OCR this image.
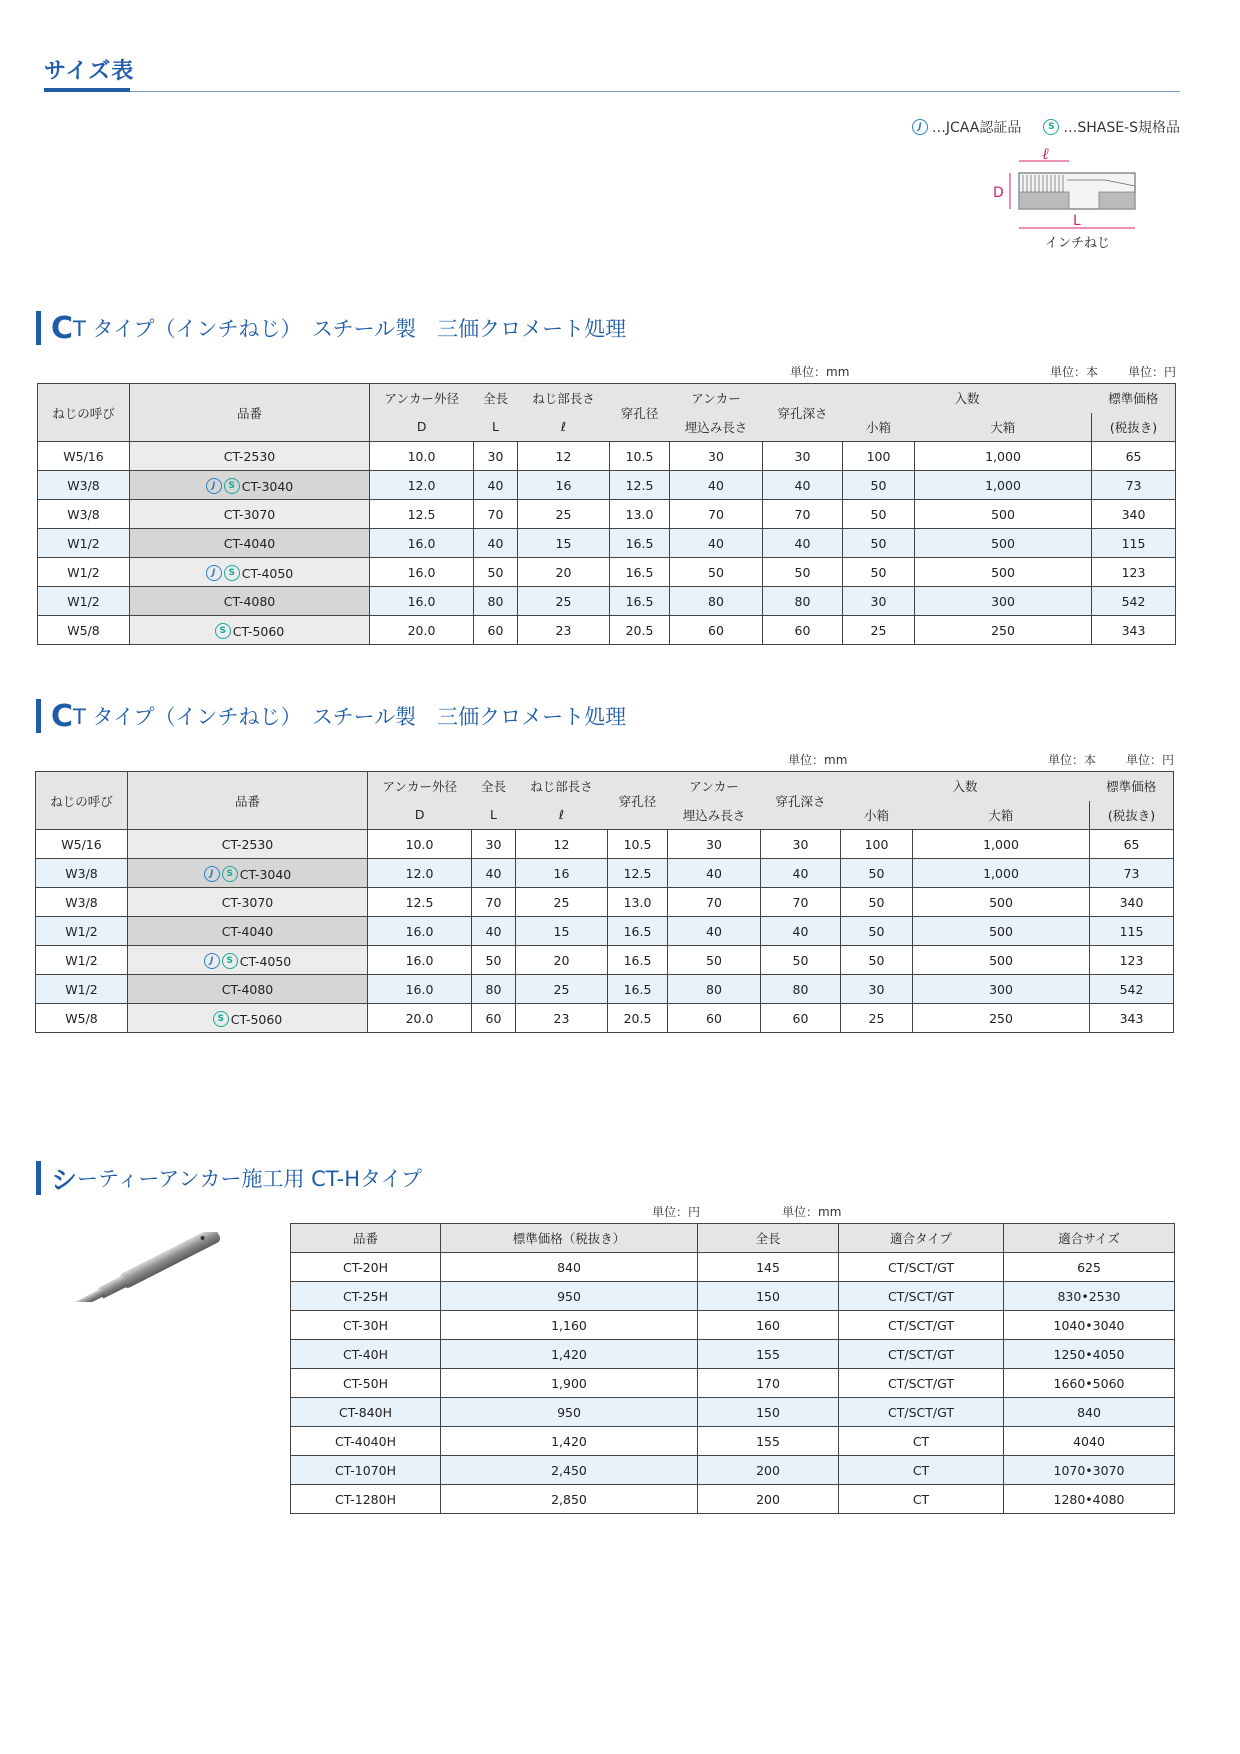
サイズ表
J …JCAA認証品	S …SHASE-S規格品
ℓ
D
L
インチねじ
C T タイプ（インチねじ）　スチール製　三価クロメート処理
単位：mm	単位：本 単位：円
ねじの呼び	品番	アンカー外径	全長	ねじ部長さ	穿孔径	アンカー	穿孔深さ	入数		標準価格
		D	L	ℓ		埋込み長さ		小箱	大箱	(税抜き)
W5/16	CT-2530	10.0	30	12	10.5	30	30	100	1,000	65
W3/8	J S CT-3040	12.0	40	16	12.5	40	40	50	1,000	73
W3/8	CT-3070	12.5	70	25	13.0	70	70	50	500	340
W1/2	CT-4040	16.0	40	15	16.5	40	40	50	500	115
W1/2	J S CT-4050	16.0	50	20	16.5	50	50	50	500	123
W1/2	CT-4080	16.0	80	25	16.5	80	80	30	300	542
W5/8	S CT-5060	20.0	60	23	20.5	60	60	25	250	343
C T タイプ（インチねじ）　スチール製　三価クロメート処理
単位：mm	単位：本 単位：円
ねじの呼び	品番	アンカー外径	全長	ねじ部長さ	穿孔径	アンカー	穿孔深さ	入数		標準価格
		D	L	ℓ		埋込み長さ		小箱	大箱	(税抜き)
W5/16	CT-2530	10.0	30	12	10.5	30	30	100	1,000	65
W3/8	J S CT-3040	12.0	40	16	12.5	40	40	50	1,000	73
W3/8	CT-3070	12.5	70	25	13.0	70	70	50	500	340
W1/2	CT-4040	16.0	40	15	16.5	40	40	50	500	115
W1/2	J S CT-4050	16.0	50	20	16.5	50	50	50	500	123
W1/2	CT-4080	16.0	80	25	16.5	80	80	30	300	542
W5/8	S CT-5060	20.0	60	23	20.5	60	60	25	250	343
シ ーティーアンカー施工用 CT-Hタイプ
単位：円	単位：mm
品番	標準価格（税抜き）	全長	適合タイプ	適合サイズ
CT-20H	840	145	CT/SCT/GT	625
CT-25H	950	150	CT/SCT/GT	830•2530
CT-30H	1,160	160	CT/SCT/GT	1040•3040
CT-40H	1,420	155	CT/SCT/GT	1250•4050
CT-50H	1,900	170	CT/SCT/GT	1660•5060
CT-840H	950	150	CT/SCT/GT	840
CT-4040H	1,420	155	CT	4040
CT-1070H	2,450	200	CT	1070•3070
CT-1280H	2,850	200	CT	1280•4080
